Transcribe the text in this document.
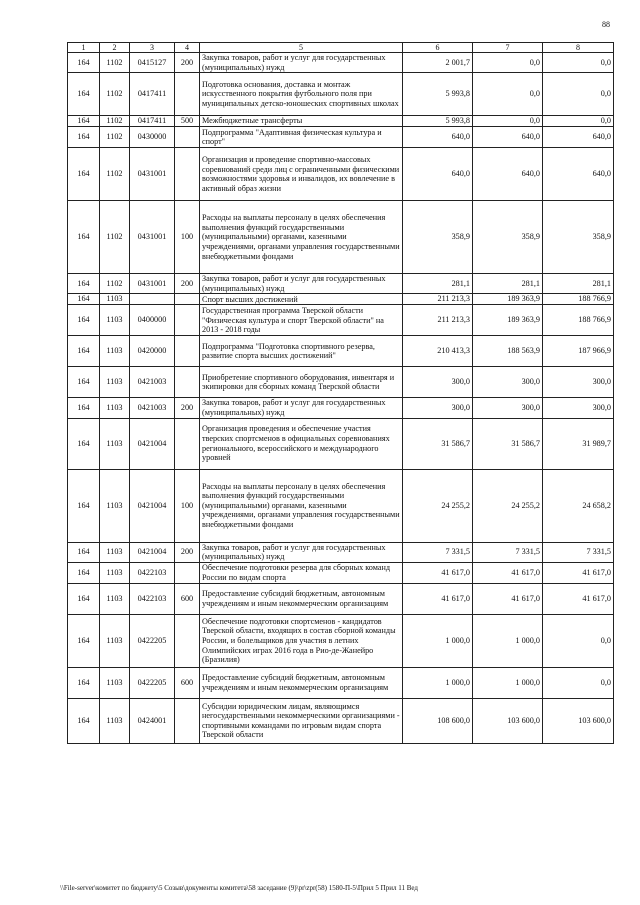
88
1	2	3	4	5	6	7	8
164	1102	0415127	200	Закупка товаров, работ и услуг для государственных (муниципальных) нужд	2 001,7	0,0	0,0
164	1102	0417411		Подготовка основания, доставка и монтаж искусственного покрытия футбольного поля при муниципальных детско-юношеских спортивных школах	5 993,8	0,0	0,0
164	1102	0417411	500	Межбюджетные трансферты	5 993,8	0,0	0,0
164	1102	0430000		Подпрограмма "Адаптивная физическая культура и спорт"	640,0	640,0	640,0
164	1102	0431001		Организация и проведение спортивно-массовых соревнований среди лиц с ограниченными физическими возможностями здоровья и инвалидов, их вовлечение в активный образ жизни	640,0	640,0	640,0
164	1102	0431001	100	Расходы на выплаты персоналу в целях обеспечения выполнения функций государственными (муниципальными) органами, казенными учреждениями, органами управления государственными внебюджетными фондами	358,9	358,9	358,9
164	1102	0431001	200	Закупка товаров, работ и услуг для государственных (муниципальных) нужд	281,1	281,1	281,1
164	1103			Спорт высших достижений	211 213,3	189 363,9	188 766,9
164	1103	0400000		Государственная программа Тверской области "Физическая культура и спорт Тверской области" на 2013 - 2018 годы	211 213,3	189 363,9	188 766,9
164	1103	0420000		Подпрограмма "Подготовка спортивного резерва, развитие спорта высших достижений"	210 413,3	188 563,9	187 966,9
164	1103	0421003		Приобретение спортивного оборудования, инвентаря и экипировки для сборных команд Тверской области	300,0	300,0	300,0
164	1103	0421003	200	Закупка товаров, работ и услуг для государственных (муниципальных) нужд	300,0	300,0	300,0
164	1103	0421004		Организация проведения и обеспечение участия тверских спортсменов в официальных соревнованиях регионального, всероссийского и международного уровней	31 586,7	31 586,7	31 989,7
164	1103	0421004	100	Расходы на выплаты персоналу в целях обеспечения выполнения функций государственными (муниципальными) органами, казенными учреждениями, органами управления государственными внебюджетными фондами	24 255,2	24 255,2	24 658,2
164	1103	0421004	200	Закупка товаров, работ и услуг для государственных (муниципальных) нужд	7 331,5	7 331,5	7 331,5
164	1103	0422103		Обеспечение подготовки резерва для сборных команд России по видам спорта	41 617,0	41 617,0	41 617,0
164	1103	0422103	600	Предоставление субсидий бюджетным, автономным учреждениям и иным некоммерческим организациям	41 617,0	41 617,0	41 617,0
164	1103	0422205		Обеспечение подготовки спортсменов - кандидатов Тверской области, входящих в состав сборной команды России, и болельщиков для участия в летних Олимпийских играх 2016 года в Рио-де-Жанейро (Бразилия)	1 000,0	1 000,0	0,0
164	1103	0422205	600	Предоставление субсидий бюджетным, автономным учреждениям и иным некоммерческим организациям	1 000,0	1 000,0	0,0
164	1103	0424001		Субсидии юридическим лицам, являющимся негосударственными некоммерческими организациями - спортивными командами по игровым видам спорта Тверской области	108 600,0	103 600,0	103 600,0
\\File-server\комитет по бюджету\5 Созыв\документы комитета\58 заседание (9)\pr\zpr(58) 1580-П-5\Прил 5 Прил 11 Вед
